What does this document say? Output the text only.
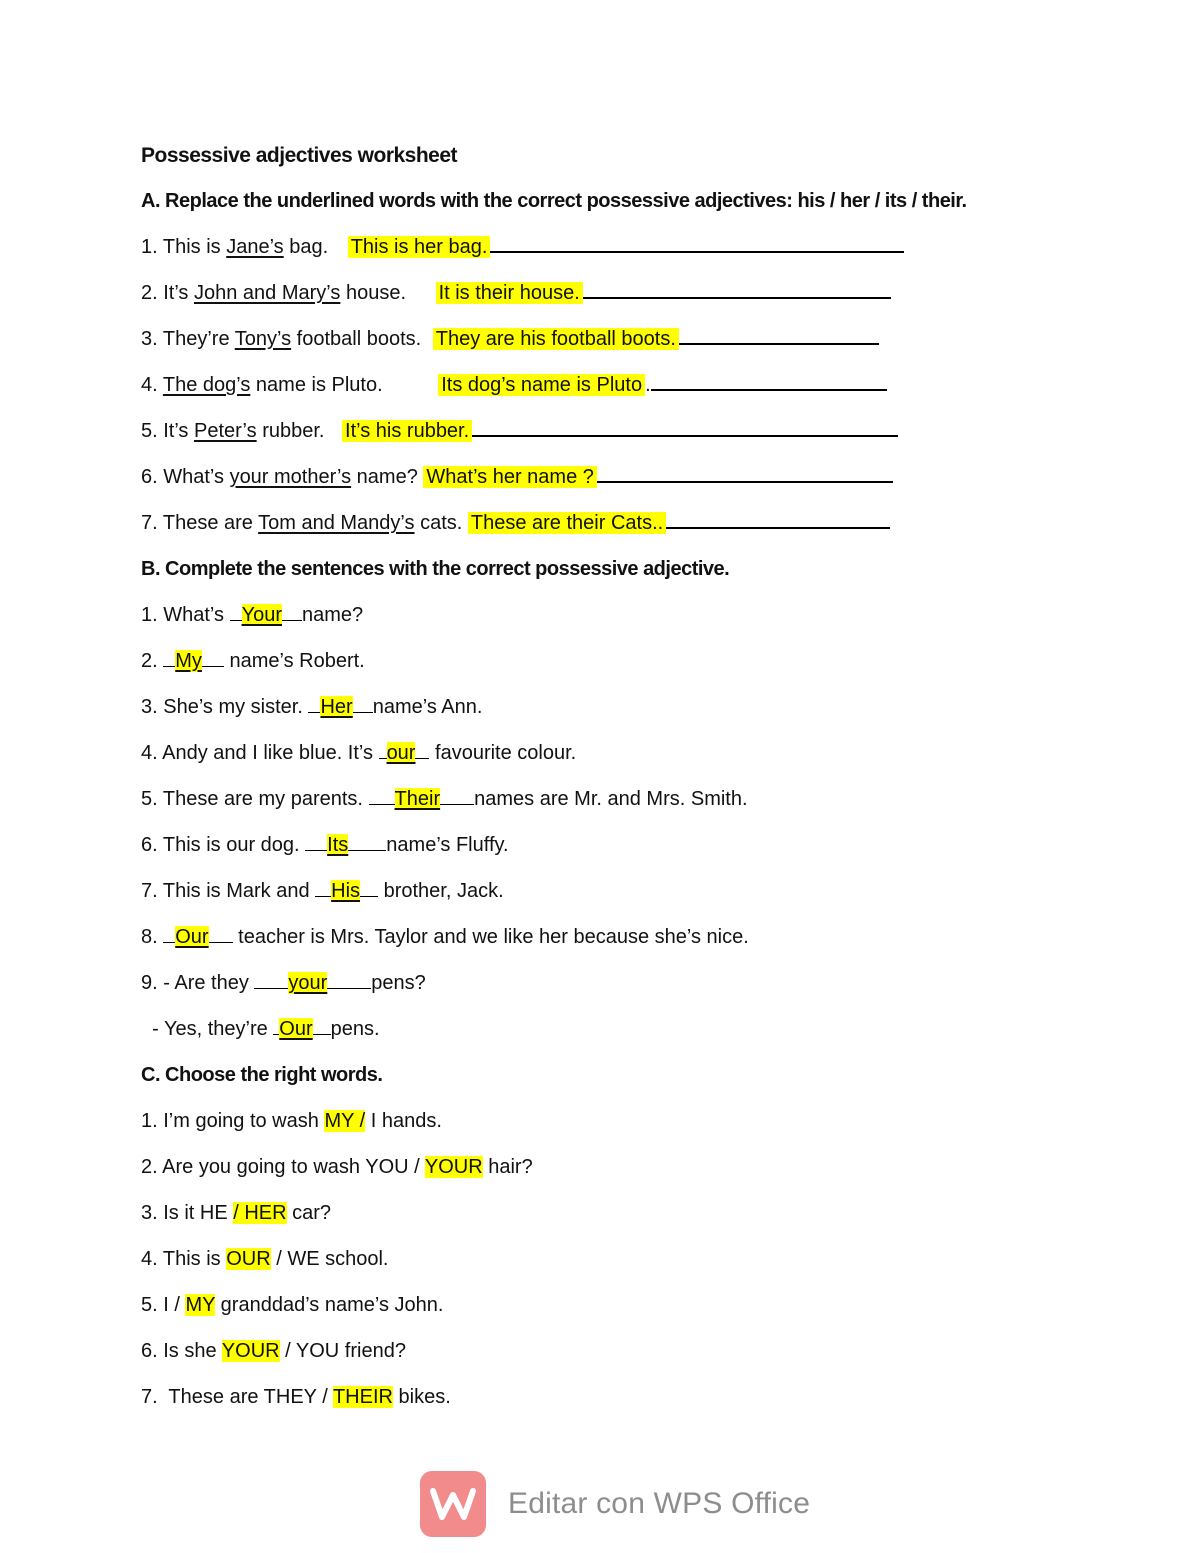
Possessive adjectives worksheet
A. Replace the underlined words with the correct possessive adjectives: his / her / its / their.
1. This is Jane’s bag. This is her bag.
2. It’s John and Mary’s house. It is their house.
3. They’re Tony’s football boots. They are his football boots.
4. The dog’s name is Pluto.	Its dog’s name is Pluto .
5. It’s Peter’s rubber. It’s his rubber.
6. What’s your mother’s name? What’s her name ?
7. These are Tom and Mandy’s cats. These are their Cats..
B. Complete the sentences with the correct possessive adjective.
1. What’s Your name?
2. My name’s Robert.
3. She’s my sister. Her name’s Ann.
4. Andy and I like blue. It’s our favourite colour.
5. These are my parents. Their names are Mr. and Mrs. Smith.
6. This is our dog. Its name’s Fluffy.
7. This is Mark and His brother, Jack.
8. Our teacher is Mrs. Taylor and we like her because she’s nice.
9. - Are they your pens?
- Yes, they’re Our pens.
C. Choose the right words.
1. I’m going to wash MY / I hands.
2. Are you going to wash YOU / YOUR hair?
3. Is it HE / HER car?
4. This is OUR / WE school.
5. I / MY granddad’s name’s John.
6. Is she YOUR / YOU friend?
7.  These are THEY / THEIR bikes.
Editar con WPS Office
